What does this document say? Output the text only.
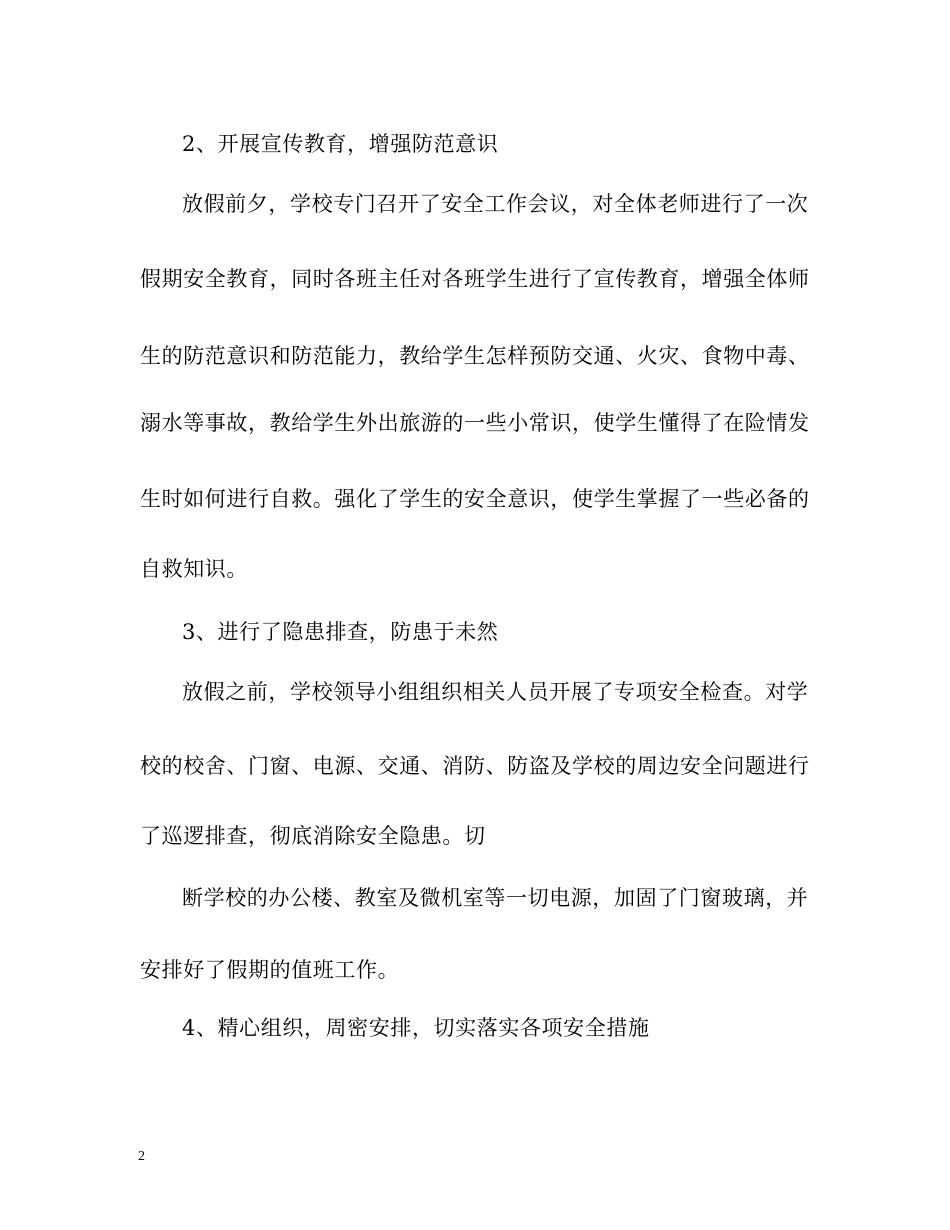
2、开展宣传教育，增强防范意识
放假前夕，学校专门召开了安全工作会议，对全体老师进行了一次
假期安全教育，同时各班主任对各班学生进行了宣传教育，增强全体师
生的防范意识和防范能力，教给学生怎样预防交通、火灾、食物中毒、
溺水等事故，教给学生外出旅游的一些小常识，使学生懂得了在险情发
生时如何进行自救。强化了学生的安全意识，使学生掌握了一些必备的
自救知识。
3、进行了隐患排查，防患于未然
放假之前，学校领导小组组织相关人员开展了专项安全检查。对学
校的校舍、门窗、电源、交通、消防、防盗及学校的周边安全问题进行
了巡逻排查，彻底消除安全隐患。切
断学校的办公楼、教室及微机室等一切电源，加固了门窗玻璃，并
安排好了假期的值班工作。
4、精心组织，周密安排，切实落实各项安全措施
2
